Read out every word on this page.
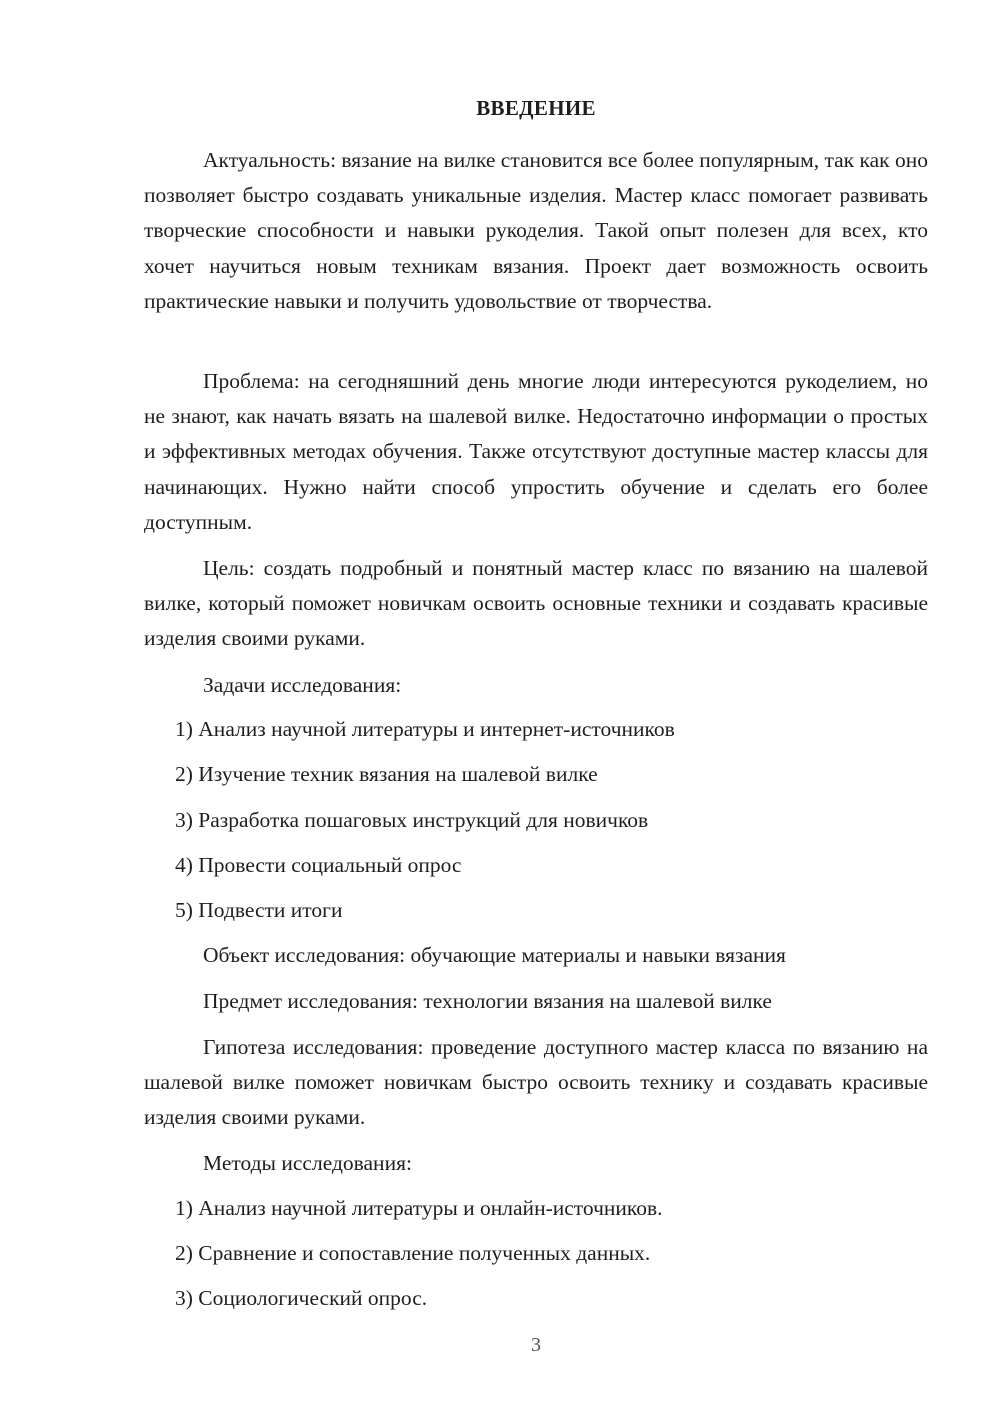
ВВЕДЕНИЕ

Актуальность: вязание на вилке становится все более популярным, так как оно позволяет быстро создавать уникальные изделия. Мастер класс помогает развивать творческие способности и навыки рукоделия. Такой опыт полезен для всех, кто хочет научиться новым техникам вязания. Проект дает возможность освоить практические навыки и получить удовольствие от творчества.

Проблема: на сегодняшний день многие люди интересуются рукоделием, но не знают, как начать вязать на шалевой вилке. Недостаточно информации о простых и эффективных методах обучения. Также отсутствуют доступные мастер классы для начинающих. Нужно найти способ упростить обучение и сделать его более доступным.

Цель: создать подробный и понятный мастер класс по вязанию на шалевой вилке, который поможет новичкам освоить основные техники и создавать красивые изделия своими руками.

Задачи исследования:

1) Анализ научной литературы и интернет-источников

2) Изучение техник вязания на шалевой вилке

3) Разработка пошаговых инструкций для новичков

4) Провести социальный опрос

5) Подвести итоги

Объект исследования: обучающие материалы и навыки вязания

Предмет исследования: технологии вязания на шалевой вилке

Гипотеза исследования: проведение доступного мастер класса по вязанию на шалевой вилке поможет новичкам быстро освоить технику и создавать красивые изделия своими руками.

Методы исследования:

1) Анализ научной литературы и онлайн-источников.

2) Сравнение и сопоставление полученных данных.

3) Социологический опрос.

3
